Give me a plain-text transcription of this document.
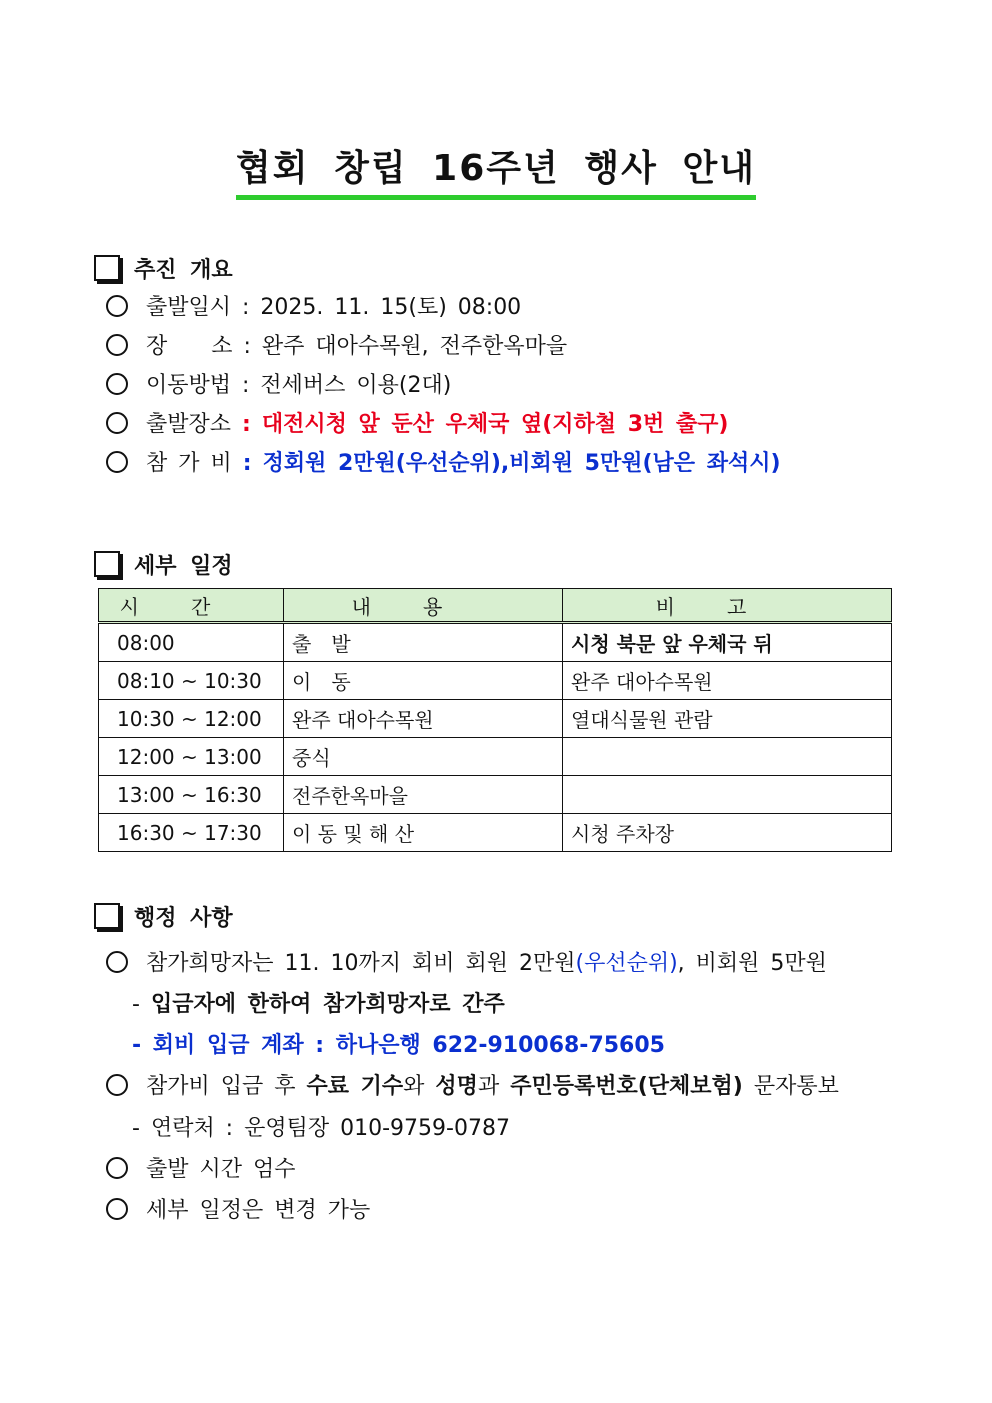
협회 창립 16주년 행사 안내
추진 개요
출발일시 : 2025. 11. 15(토) 08:00
장　　소 : 완주 대아수목원, 전주한옥마을
이동방법 : 전세버스 이용(2대)
출발장소 : 대전시청 앞 둔산 우체국 옆(지하철 3번 출구)
참 가 비 : 정회원 2만원(우선순위),비회원 5만원(남은 좌석시)
세부 일정
시간	내용	비고
08:00	출　발	시청 북문 앞 우체국 뒤
08:10 ~ 10:30	이　동	완주 대아수목원
10:30 ~ 12:00	완주 대아수목원	열대식물원 관람
12:00 ~ 13:00	중식	
13:00 ~ 16:30	전주한옥마을	
16:30 ~ 17:30	이 동 및 해 산	시청 주차장
행정 사항
참가희망자는 11. 10까지 회비 회원 2만원(우선순위), 비회원 5만원
- 입금자에 한하여 참가희망자로 간주
- 회비 입금 계좌 : 하나은행 622-910068-75605
참가비 입금 후 수료 기수와 성명과 주민등록번호(단체보험) 문자통보
- 연락처 : 운영팀장 010-9759-0787
출발 시간 엄수
세부 일정은 변경 가능
